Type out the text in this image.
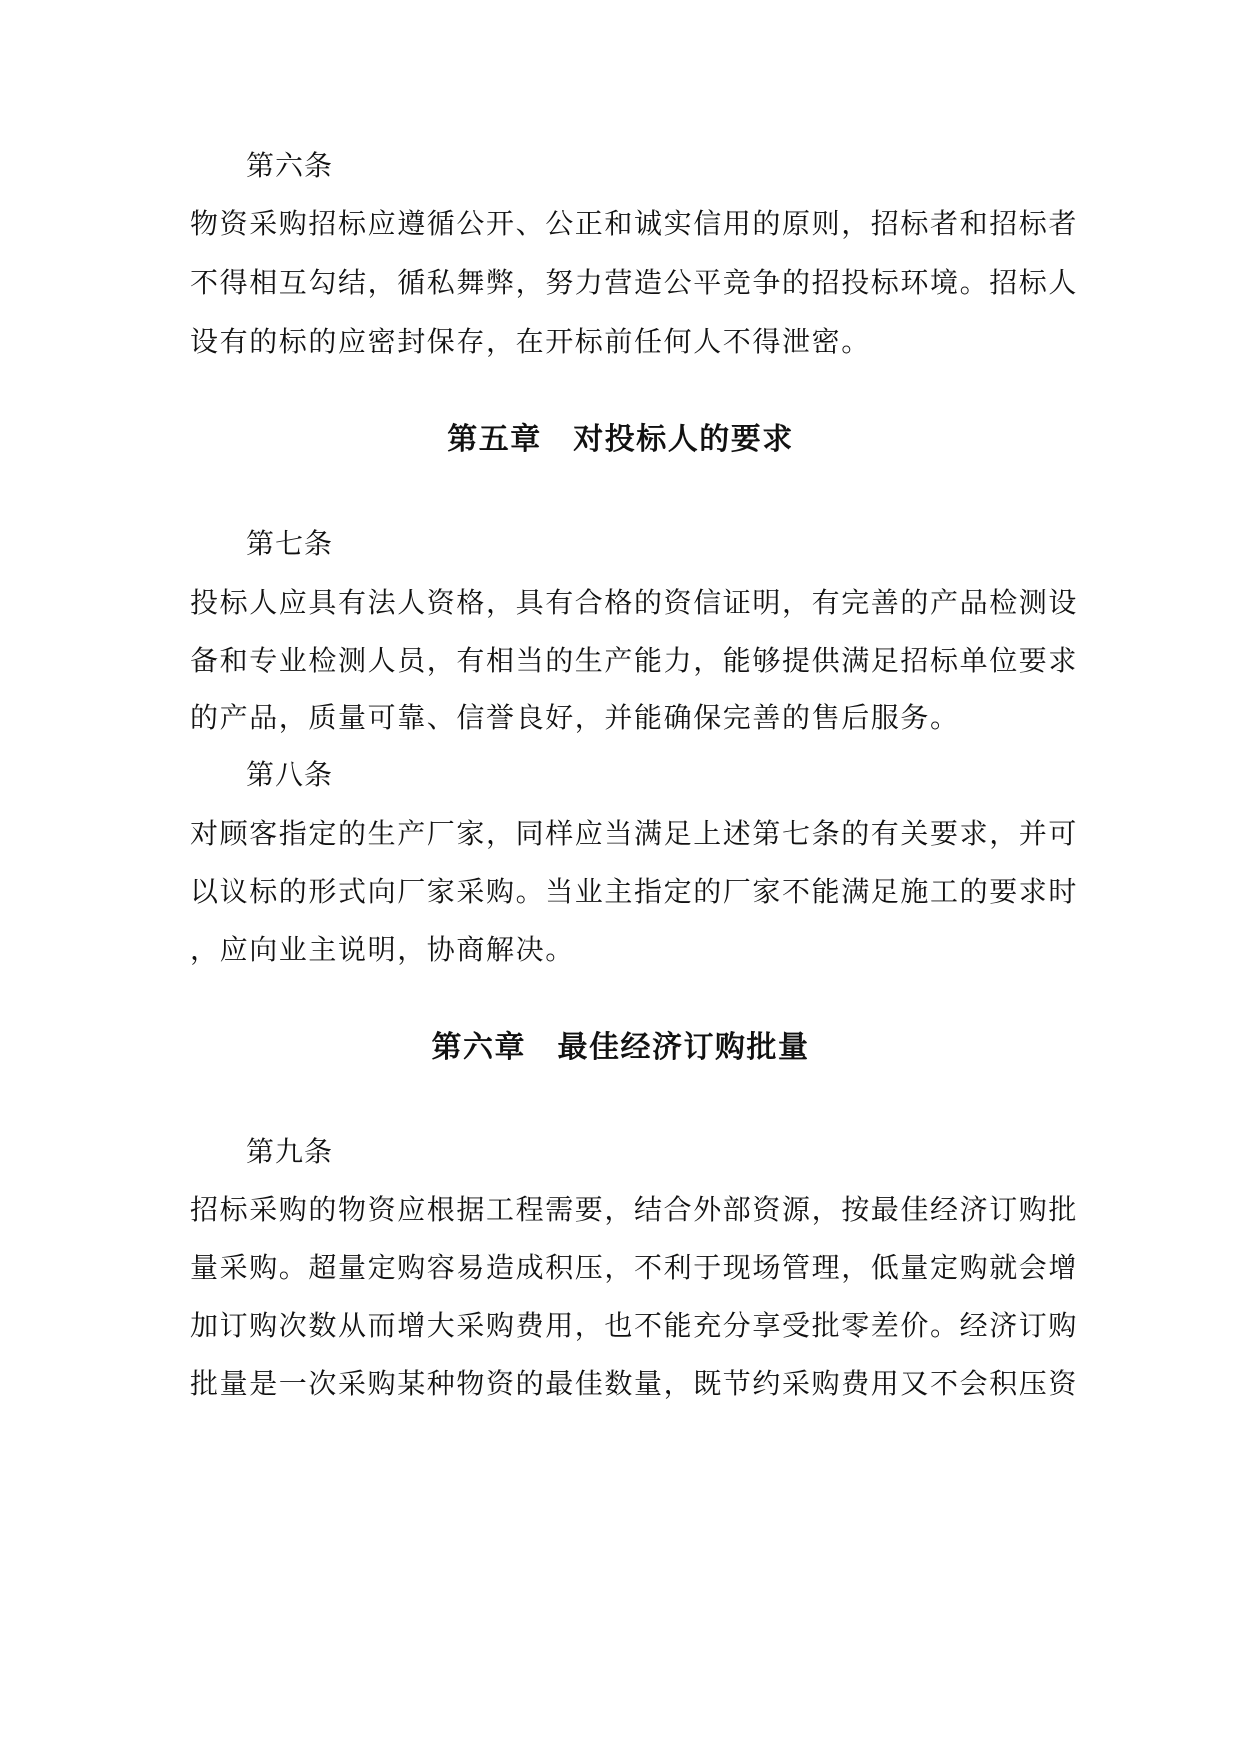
第六条
物资采购招标应遵循公开、公正和诚实信用的原则，招标者和招标者
不得相互勾结，循私舞弊，努力营造公平竞争的招投标环境。招标人
设有的标的应密封保存，在开标前任何人不得泄密。
第五章　对投标人的要求
第七条
投标人应具有法人资格，具有合格的资信证明，有完善的产品检测设
备和专业检测人员，有相当的生产能力，能够提供满足招标单位要求
的产品，质量可靠、信誉良好，并能确保完善的售后服务。
第八条
对顾客指定的生产厂家，同样应当满足上述第七条的有关要求，并可
以议标的形式向厂家采购。当业主指定的厂家不能满足施工的要求时
，应向业主说明，协商解决。
第六章　最佳经济订购批量
第九条
招标采购的物资应根据工程需要，结合外部资源，按最佳经济订购批
量采购。超量定购容易造成积压，不利于现场管理，低量定购就会增
加订购次数从而增大采购费用，也不能充分享受批零差价。经济订购
批量是一次采购某种物资的最佳数量，既节约采购费用又不会积压资
